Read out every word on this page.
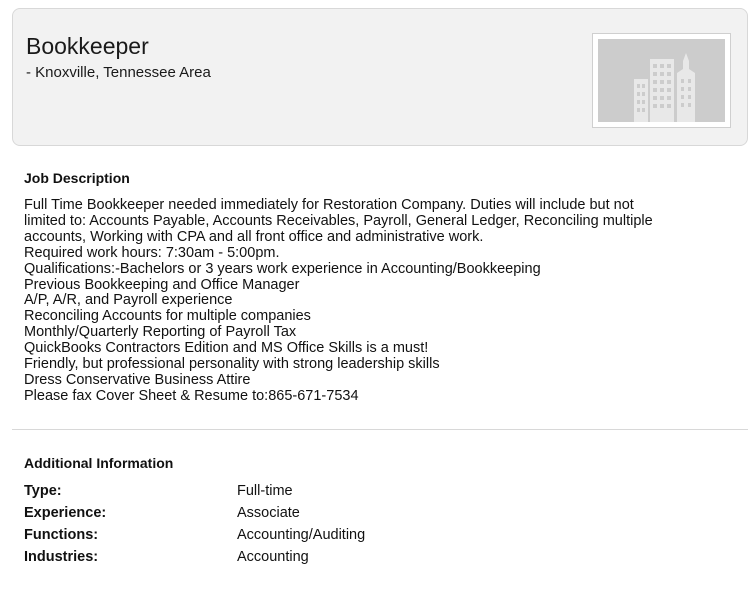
Bookkeeper
- Knoxville, Tennessee Area
Job Description
Full Time Bookkeeper needed immediately for Restoration Company. Duties will include but not
limited to: Accounts Payable, Accounts Receivables, Payroll, General Ledger, Reconciling multiple
accounts, Working with CPA and all front office and administrative work.
Required work hours: 7:30am - 5:00pm.
Qualifications:-Bachelors or 3 years work experience in Accounting/Bookkeeping
Previous Bookkeeping and Office Manager
A/P, A/R, and Payroll experience
Reconciling Accounts for multiple companies
Monthly/Quarterly Reporting of Payroll Tax
QuickBooks Contractors Edition and MS Office Skills is a must!
Friendly, but professional personality with strong leadership skills
Dress Conservative Business Attire
Please fax Cover Sheet & Resume to:865-671-7534
Additional Information
Type:	Full-time
Experience:	Associate
Functions:	Accounting/Auditing
Industries:	Accounting
